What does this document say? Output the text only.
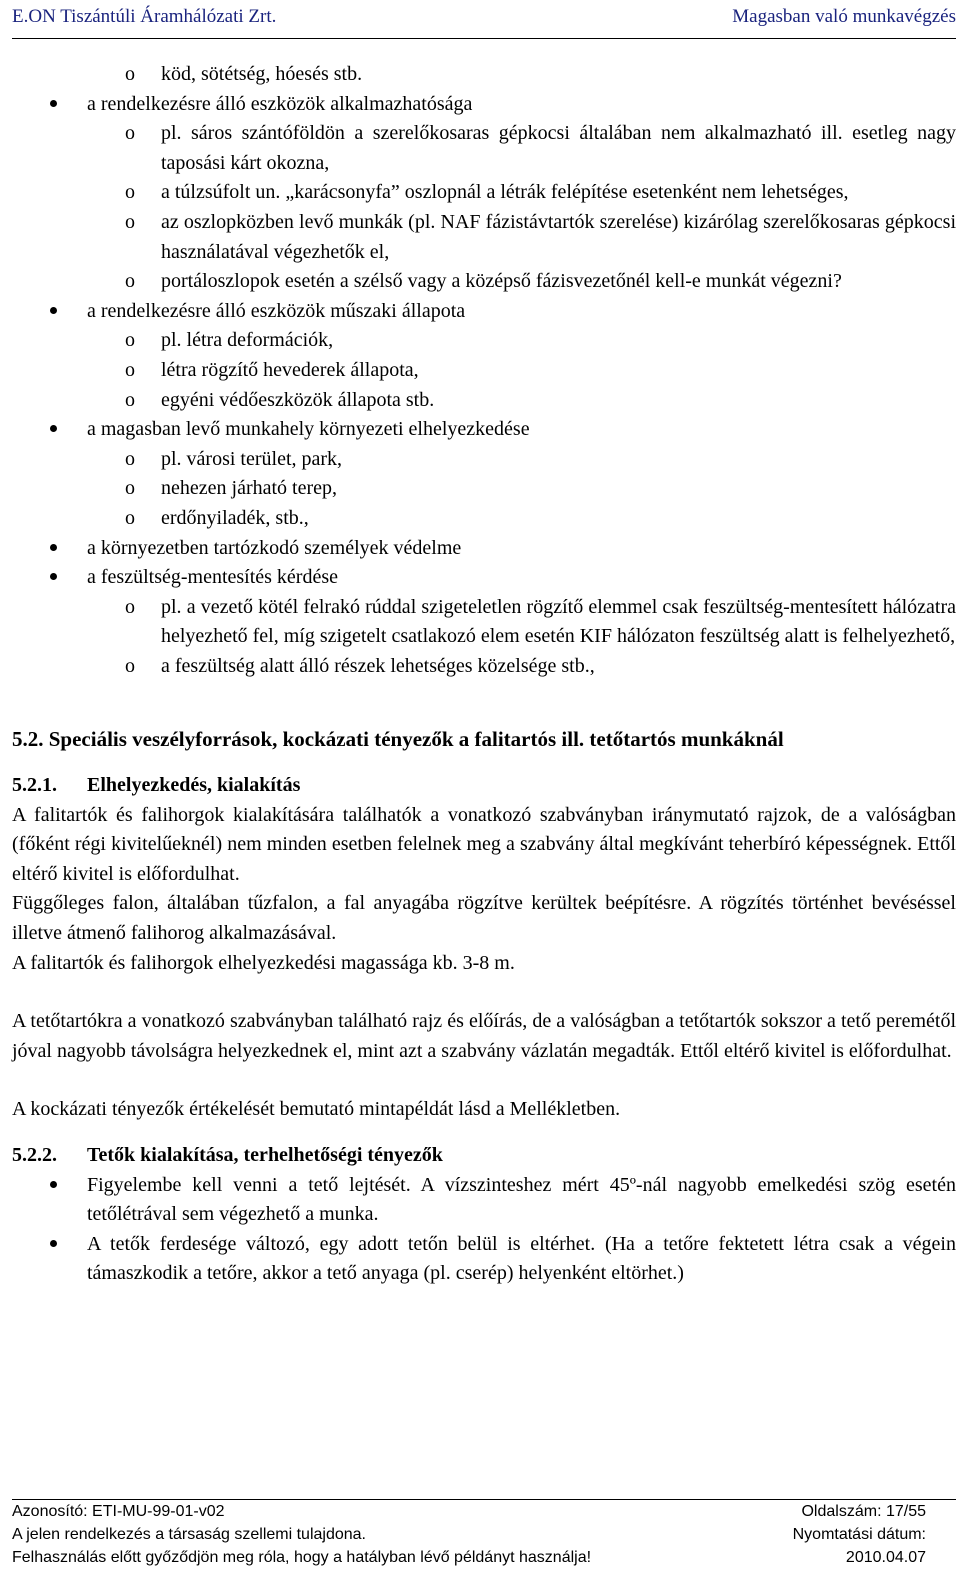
E.ON Tiszántúli Áramhálózati Zrt.	Magasban való munkavégzés
o köd, sötétség, hóesés stb.
a rendelkezésre álló eszközök alkalmazhatósága
o pl. sáros szántóföldön a szerelőkosaras gépkocsi általában nem alkalmazható ill. esetleg nagy taposási kárt okozna,
o a túlzsúfolt un. „karácsonyfa” oszlopnál a létrák felépítése esetenként nem lehetséges,
o az oszlopközben levő munkák (pl. NAF fázistávtartók szerelése) kizárólag szerelőkosaras gépkocsi használatával végezhetők el,
o portáloszlopok esetén a szélső vagy a középső fázisvezetőnél kell-e munkát végezni?
a rendelkezésre álló eszközök műszaki állapota
o pl. létra deformációk,
o létra rögzítő hevederek állapota,
o egyéni védőeszközök állapota stb.
a magasban levő munkahely környezeti elhelyezkedése
o pl. városi terület, park,
o nehezen járható terep,
o erdőnyiladék, stb.,
a környezetben tartózkodó személyek védelme
a feszültség-mentesítés kérdése
o pl. a vezető kötél felrakó rúddal szigeteletlen rögzítő elemmel csak feszültség-mentesített hálózatra helyezhető fel, míg szigetelt csatlakozó elem esetén KIF hálózaton feszültség alatt is felhelyezhető,
o a feszültség alatt álló részek lehetséges közelsége stb.,
5.2. Speciális veszélyforrások, kockázati tényezők a falitartós ill. tetőtartós munkáknál
5.2.1. Elhelyezkedés, kialakítás
A falitartók és falihorgok kialakítására találhatók a vonatkozó szabványban iránymutató rajzok, de a valóságban (főként régi kivitelűeknél) nem minden esetben felelnek meg a szabvány által megkívánt teherbíró képességnek. Ettől eltérő kivitel is előfordulhat.
Függőleges falon, általában tűzfalon, a fal anyagába rögzítve kerültek beépítésre. A rögzítés történhet bevéséssel illetve átmenő falihorog alkalmazásával.
A falitartók és falihorgok elhelyezkedési magassága kb. 3-8 m.
A tetőtartókra a vonatkozó szabványban található rajz és előírás, de a valóságban a tetőtartók sokszor a tető peremétől jóval nagyobb távolságra helyezkednek el, mint azt a szabvány vázlatán megadták. Ettől eltérő kivitel is előfordulhat.
A kockázati tényezők értékelését bemutató mintapéldát lásd a Mellékletben.
5.2.2. Tetők kialakítása, terhelhetőségi tényezők
Figyelembe kell venni a tető lejtését. A vízszinteshez mért 45º-nál nagyobb emelkedési szög esetén tetőlétrával sem végezhető a munka.
A tetők ferdesége változó, egy adott tetőn belül is eltérhet. (Ha a tetőre fektetett létra csak a végein támaszkodik a tetőre, akkor a tető anyaga (pl. cserép) helyenként eltörhet.)
Azonosító: ETI-MU-99-01-v02	Oldalszám: 17/55
A jelen rendelkezés a társaság szellemi tulajdona.	Nyomtatási dátum:
Felhasználás előtt győződjön meg róla, hogy a hatályban lévő példányt használja!	2010.04.07
